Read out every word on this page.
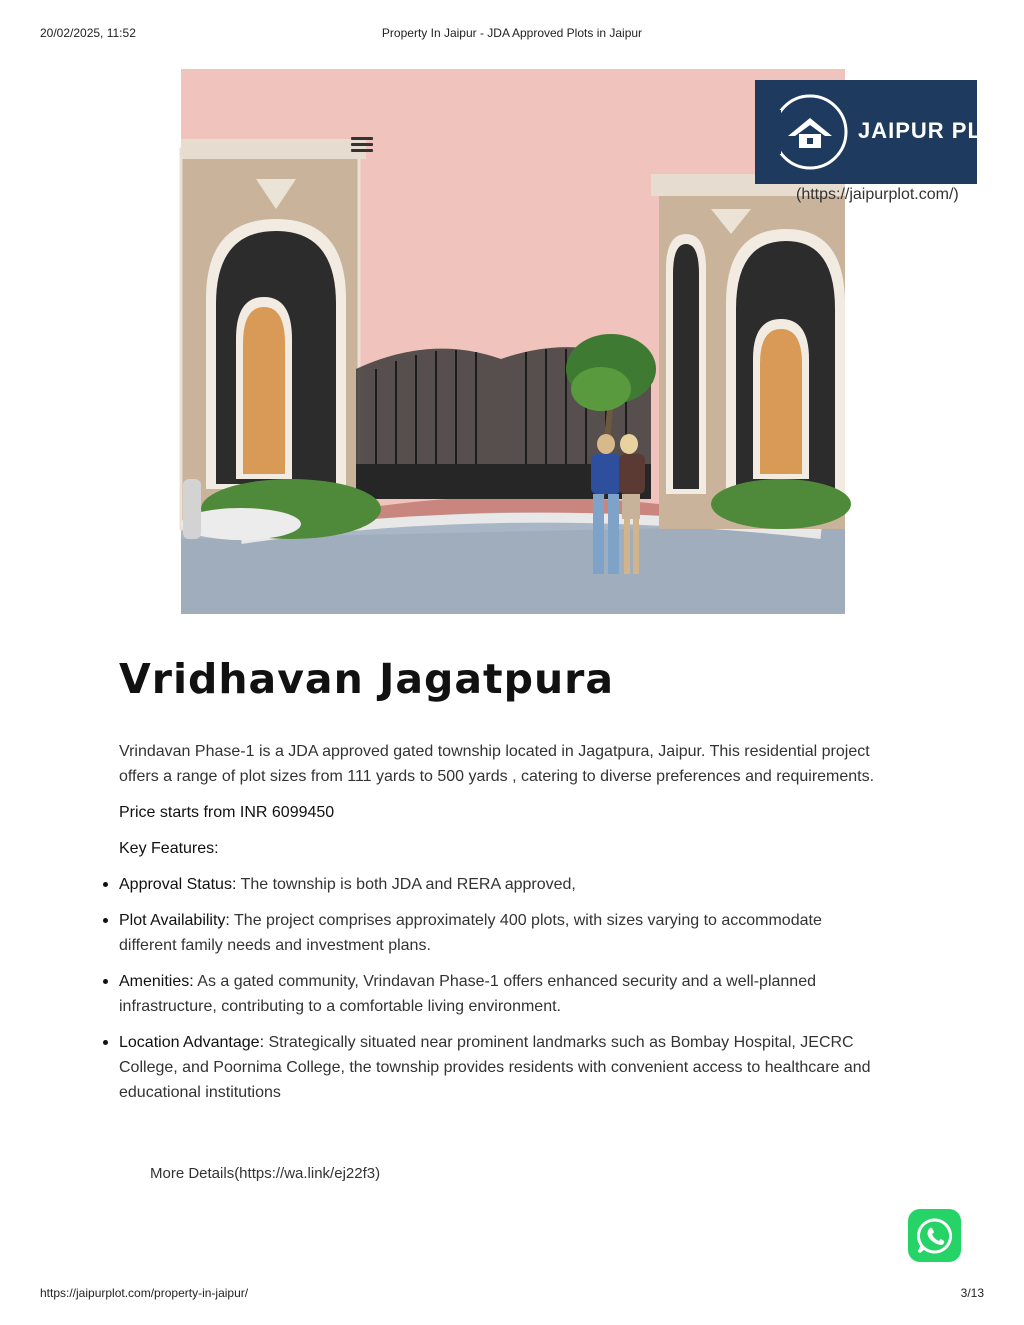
20/02/2025, 11:52	Property In Jaipur - JDA Approved Plots in Jaipur
JAIPUR PLOT
(https://jaipurplot.com/)
Vridhavan Jagatpura

Vrindavan Phase-1 is a JDA approved gated township located in Jagatpura, Jaipur. This residential project offers a range of plot sizes from 111 yards to 500 yards , catering to diverse preferences and requirements.

Price starts from INR 6099450

Key Features:

Approval Status: The township is both JDA and RERA approved,
Plot Availability: The project comprises approximately 400 plots, with sizes varying to accommodate different family needs and investment plans.
Amenities: As a gated community, Vrindavan Phase-1 offers enhanced security and a well-planned infrastructure, contributing to a comfortable living environment.
Location Advantage: Strategically situated near prominent landmarks such as Bombay Hospital, JECRC College, and Poornima College, the township provides residents with convenient access to healthcare and educational institutions
More Details(https://wa.link/ej22f3)
https://jaipurplot.com/property-in-jaipur/	3/13
